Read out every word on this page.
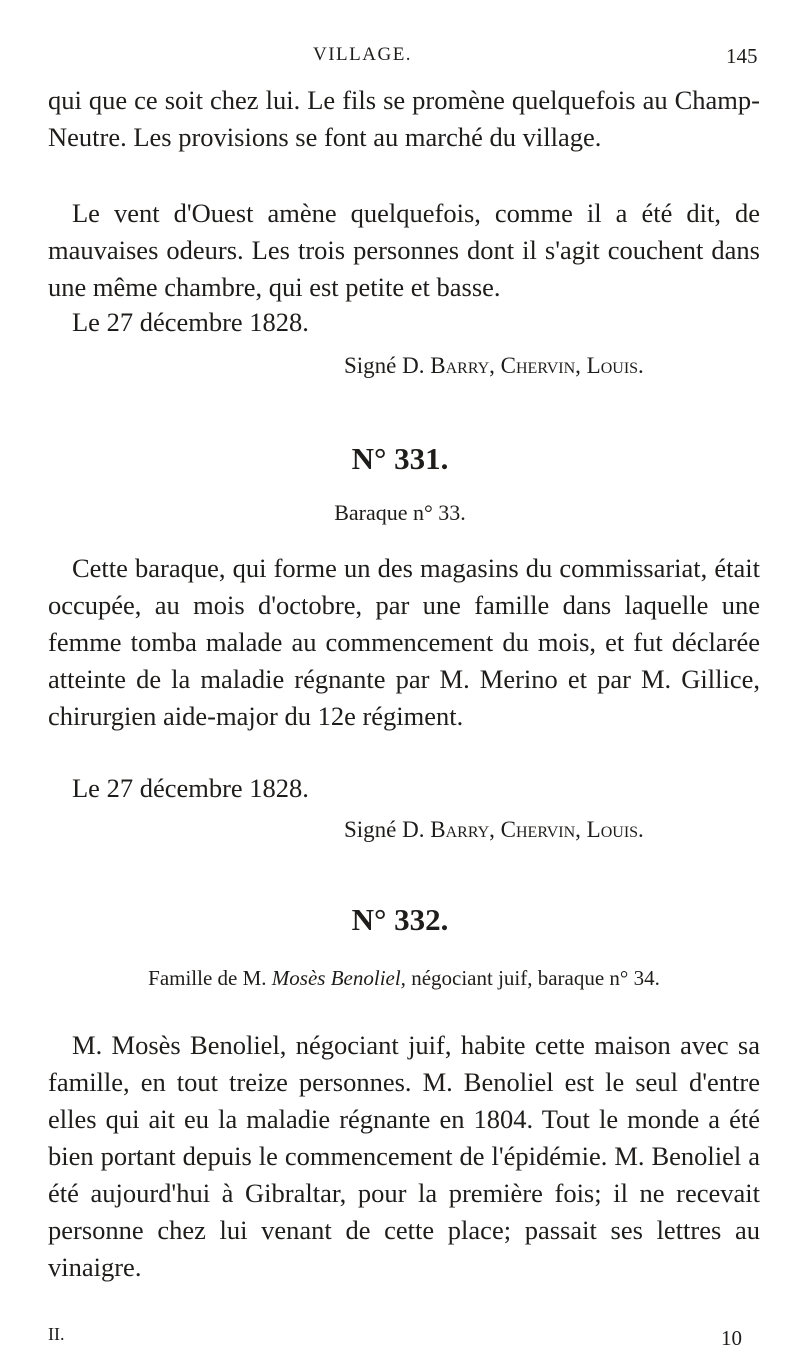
VILLAGE.	145

qui que ce soit chez lui. Le fils se promène quelquefois au Champ-Neutre. Les provisions se font au marché du village.

Le vent d'Ouest amène quelquefois, comme il a été dit, de mauvaises odeurs. Les trois personnes dont il s'agit couchent dans une même chambre, qui est petite et basse.

Le 27 décembre 1828.

Signé D. Barry, Chervin, Louis.

N° 331.

Baraque n° 33.

Cette baraque, qui forme un des magasins du commissariat, était occupée, au mois d'octobre, par une famille dans laquelle une femme tomba malade au commencement du mois, et fut déclarée atteinte de la maladie régnante par M. Merino et par M. Gillice, chirurgien aide-major du 12e régiment.

Le 27 décembre 1828.

Signé D. Barry, Chervin, Louis.

N° 332.

Famille de M. Mosès Benoliel, négociant juif, baraque n° 34.

M. Mosès Benoliel, négociant juif, habite cette maison avec sa famille, en tout treize personnes. M. Benoliel est le seul d'entre elles qui ait eu la maladie régnante en 1804. Tout le monde a été bien portant depuis le commencement de l'épidémie. M. Benoliel a été aujourd'hui à Gibraltar, pour la première fois; il ne recevait personne chez lui venant de cette place; passait ses lettres au vinaigre.

II.	10
